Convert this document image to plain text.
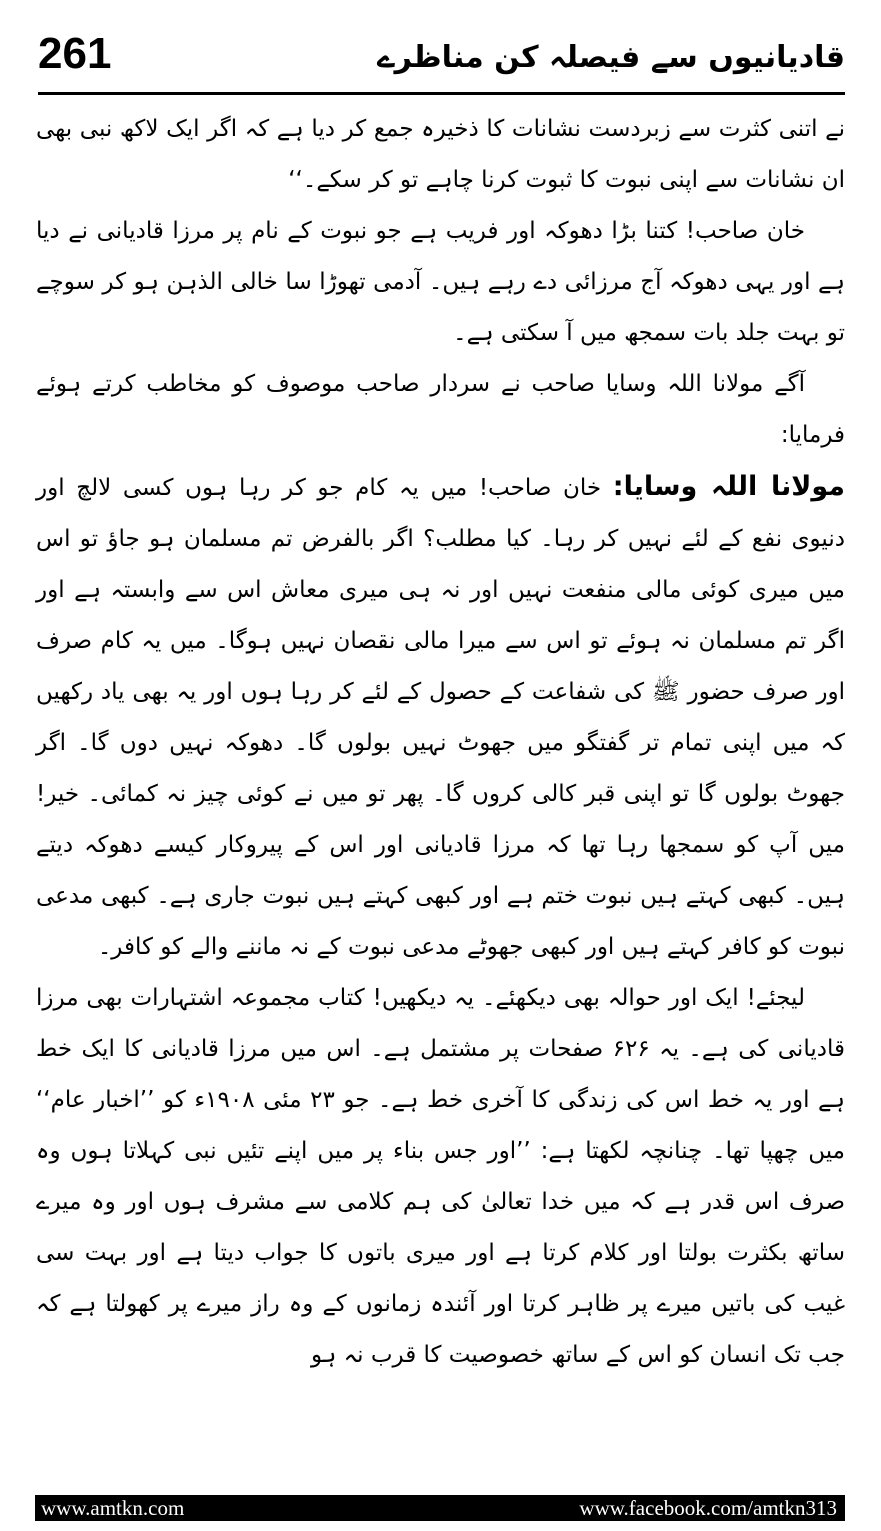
261	قادیانیوں سے فیصلہ کن مناظرے

نے اتنی کثرت سے زبردست نشانات کا ذخیرہ جمع کر دیا ہے کہ اگر ایک لاکھ نبی بھی ان نشانات سے اپنی نبوت کا ثبوت کرنا چاہے تو کر سکے۔‘‘

خان صاحب! کتنا بڑا دھوکہ اور فریب ہے جو نبوت کے نام پر مرزا قادیانی نے دیا ہے اور یہی دھوکہ آج مرزائی دے رہے ہیں۔ آدمی تھوڑا سا خالی الذہن ہو کر سوچے تو بہت جلد بات سمجھ میں آ سکتی ہے۔

آگے مولانا اللہ وسایا صاحب نے سردار صاحب موصوف کو مخاطب کرتے ہوئے فرمایا:

مولانا اللہ وسایا: خان صاحب! میں یہ کام جو کر رہا ہوں کسی لالچ اور دنیوی نفع کے لئے نہیں کر رہا۔ کیا مطلب؟ اگر بالفرض تم مسلمان ہو جاؤ تو اس میں میری کوئی مالی منفعت نہیں اور نہ ہی میری معاش اس سے وابستہ ہے اور اگر تم مسلمان نہ ہوئے تو اس سے میرا مالی نقصان نہیں ہوگا۔ میں یہ کام صرف اور صرف حضور ﷺ کی شفاعت کے حصول کے لئے کر رہا ہوں اور یہ بھی یاد رکھیں کہ میں اپنی تمام تر گفتگو میں جھوٹ نہیں بولوں گا۔ دھوکہ نہیں دوں گا۔ اگر جھوٹ بولوں گا تو اپنی قبر کالی کروں گا۔ پھر تو میں نے کوئی چیز نہ کمائی۔ خیر! میں آپ کو سمجھا رہا تھا کہ مرزا قادیانی اور اس کے پیروکار کیسے دھوکہ دیتے ہیں۔ کبھی کہتے ہیں نبوت ختم ہے اور کبھی کہتے ہیں نبوت جاری ہے۔ کبھی مدعی نبوت کو کافر کہتے ہیں اور کبھی جھوٹے مدعی نبوت کے نہ ماننے والے کو کافر۔

لیجئے! ایک اور حوالہ بھی دیکھئے۔ یہ دیکھیں! کتاب مجموعہ اشتہارات بھی مرزا قادیانی کی ہے۔ یہ ۶۲۶ صفحات پر مشتمل ہے۔ اس میں مرزا قادیانی کا ایک خط ہے اور یہ خط اس کی زندگی کا آخری خط ہے۔ جو ۲۳ مئی ۱۹۰۸ء کو ’’اخبار عام‘‘ میں چھپا تھا۔ چنانچہ لکھتا ہے: ’’اور جس بناء پر میں اپنے تئیں نبی کہلاتا ہوں وہ صرف اس قدر ہے کہ میں خدا تعالیٰ کی ہم کلامی سے مشرف ہوں اور وہ میرے ساتھ بکثرت بولتا اور کلام کرتا ہے اور میری باتوں کا جواب دیتا ہے اور بہت سی غیب کی باتیں میرے پر ظاہر کرتا اور آئندہ زمانوں کے وہ راز میرے پر کھولتا ہے کہ جب تک انسان کو اس کے ساتھ خصوصیت کا قرب نہ ہو

www.amtkn.com	www.facebook.com/amtkn313
